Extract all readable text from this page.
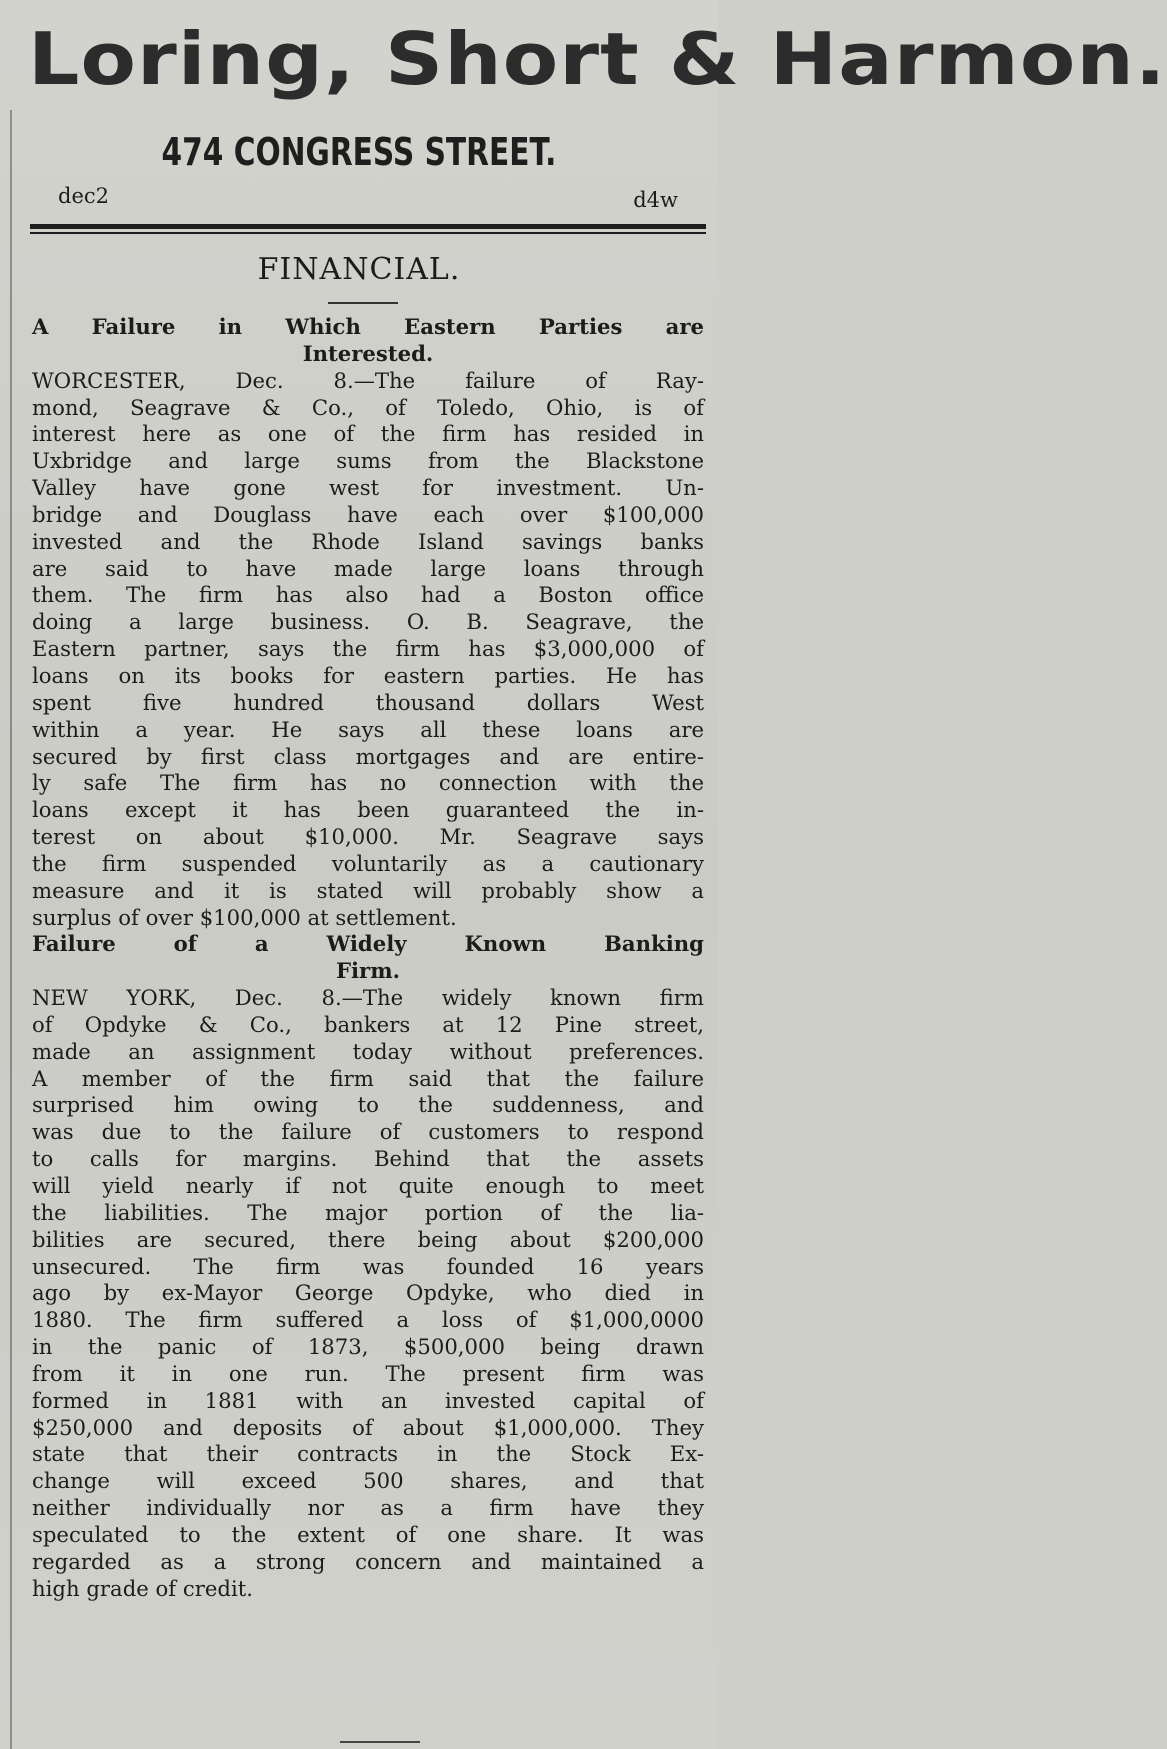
Loring, Short & Harmon.
474 CONGRESS STREET.
dec2	d4w
FINANCIAL.
A Failure in Which Eastern Parties are
Interested.
WORCESTER, Dec. 8.—The failure of Ray-
mond, Seagrave & Co., of Toledo, Ohio, is of
interest here as one of the firm has resided in
Uxbridge and large sums from the Blackstone
Valley have gone west for investment. Un-
bridge and Douglass have each over $100,000
invested and the Rhode Island savings banks
are said to have made large loans through
them. The firm has also had a Boston office
doing a large business. O. B. Seagrave, the
Eastern partner, says the firm has $3,000,000 of
loans on its books for eastern parties. He has
spent five hundred thousand dollars West
within a year. He says all these loans are
secured by first class mortgages and are entire-
ly safe The firm has no connection with the
loans except it has been guaranteed the in-
terest on about $10,000. Mr. Seagrave says
the firm suspended voluntarily as a cautionary
measure and it is stated will probably show a
surplus of over $100,000 at settlement.
Failure of a Widely Known Banking
Firm.
NEW YORK, Dec. 8.—The widely known firm
of Opdyke & Co., bankers at 12 Pine street,
made an assignment today without preferences.
A member of the firm said that the failure
surprised him owing to the suddenness, and
was due to the failure of customers to respond
to calls for margins. Behind that the assets
will yield nearly if not quite enough to meet
the liabilities. The major portion of the lia-
bilities are secured, there being about $200,000
unsecured. The firm was founded 16 years
ago by ex-Mayor George Opdyke, who died in
1880. The firm suffered a loss of $1,000,0000
in the panic of 1873, $500,000 being drawn
from it in one run. The present firm was
formed in 1881 with an invested capital of
$250,000 and deposits of about $1,000,000. They
state that their contracts in the Stock Ex-
change will exceed 500 shares, and that
neither individually nor as a firm have they
speculated to the extent of one share. It was
regarded as a strong concern and maintained a
high grade of credit.
